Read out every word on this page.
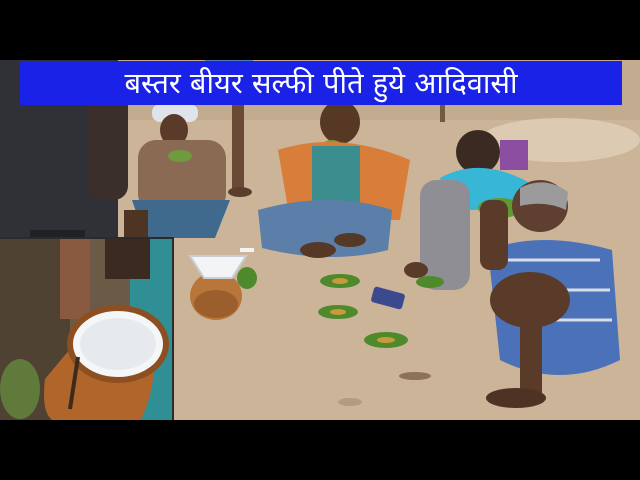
बस्तर बीयर सल्फी पीते हुये आदिवासी
